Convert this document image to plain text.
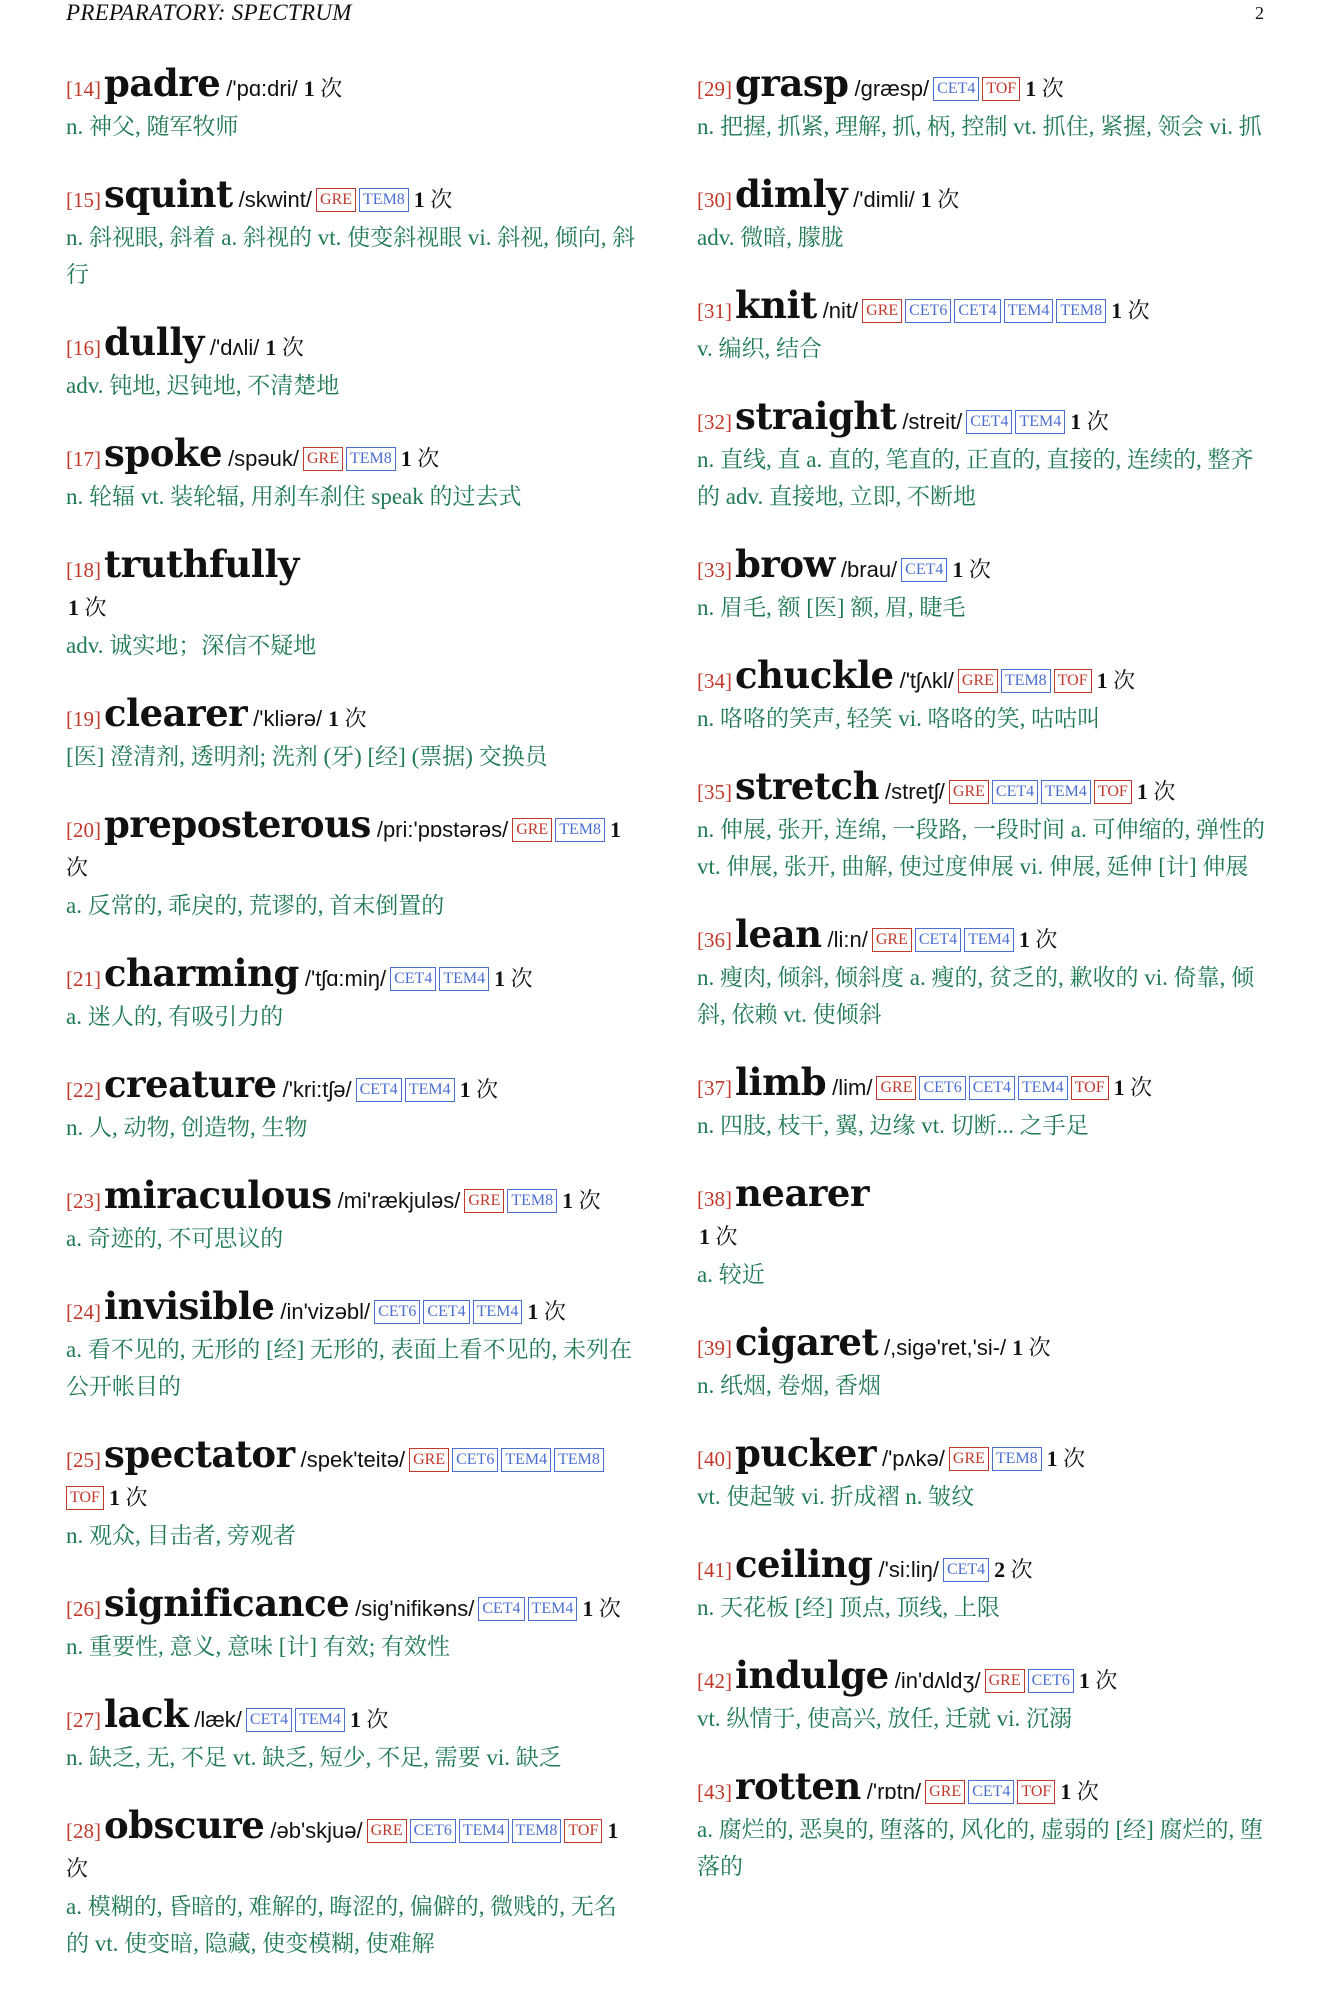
PREPARATORY: SPECTRUM	2
[14]padre /'pɑ:dri/ 1 次
n. 神父, 随军牧师
[15]squint /skwint/ GRE TEM8 1 次
n. 斜视眼, 斜着 a. 斜视的 vt. 使变斜视眼 vi. 斜视, 倾向, 斜行
[16]dully /'dʌli/ 1 次
adv. 钝地, 迟钝地, 不清楚地
[17]spoke /spəuk/ GRE TEM8 1 次
n. 轮辐 vt. 装轮辐, 用刹车刹住 speak 的过去式
[18]truthfully
1 次
adv. 诚实地；深信不疑地
[19]clearer /'kliərə/ 1 次
[医] 澄清剂, 透明剂; 洗剂 (牙) [经] (票据) 交换员
[20]preposterous /pri:'pɒstərəs/ GRE TEM8 1 次
a. 反常的, 乖戾的, 荒谬的, 首末倒置的
[21]charming /'tʃɑ:miŋ/ CET4 TEM4 1 次
a. 迷人的, 有吸引力的
[22]creature /'kri:tʃə/ CET4 TEM4 1 次
n. 人, 动物, 创造物, 生物
[23]miraculous /mi'rækjuləs/ GRE TEM8 1 次
a. 奇迹的, 不可思议的
[24]invisible /in'vizəbl/ CET6 CET4 TEM4 1 次
a. 看不见的, 无形的 [经] 无形的, 表面上看不见的, 未列在公开帐目的
[25]spectator /spek'teitə/ GRE CET6 TEM4 TEM8TOF 1 次
n. 观众, 目击者, 旁观者
[26]significance /sig'nifikəns/ CET4 TEM4 1 次
n. 重要性, 意义, 意味 [计] 有效; 有效性
[27]lack /læk/ CET4 TEM4 1 次
n. 缺乏, 无, 不足 vt. 缺乏, 短少, 不足, 需要 vi. 缺乏
[28]obscure /əb'skjuə/ GRE CET6 TEM4 TEM8 TOF 1 次
a. 模糊的, 昏暗的, 难解的, 晦涩的, 偏僻的, 微贱的, 无名的 vt. 使变暗, 隐藏, 使变模糊, 使难解
[29]grasp /græsp/ CET4 TOF 1 次
n. 把握, 抓紧, 理解, 抓, 柄, 控制 vt. 抓住, 紧握, 领会 vi. 抓
[30]dimly /'dimli/ 1 次
adv. 微暗, 朦胧
[31]knit /nit/ GRE CET6 CET4 TEM4 TEM8 1 次
v. 编织, 结合
[32]straight /streit/ CET4 TEM4 1 次
n. 直线, 直 a. 直的, 笔直的, 正直的, 直接的, 连续的, 整齐的 adv. 直接地, 立即, 不断地
[33]brow /brau/ CET4 1 次
n. 眉毛, 额 [医] 额, 眉, 睫毛
[34]chuckle /'tʃʌkl/ GRE TEM8 TOF 1 次
n. 咯咯的笑声, 轻笑 vi. 咯咯的笑, 咕咕叫
[35]stretch /stretʃ/ GRE CET4 TEM4 TOF 1 次
n. 伸展, 张开, 连绵, 一段路, 一段时间 a. 可伸缩的, 弹性的 vt. 伸展, 张开, 曲解, 使过度伸展 vi. 伸展, 延伸 [计] 伸展
[36]lean /li:n/ GRE CET4 TEM4 1 次
n. 瘦肉, 倾斜, 倾斜度 a. 瘦的, 贫乏的, 歉收的 vi. 倚靠, 倾斜, 依赖 vt. 使倾斜
[37]limb /lim/ GRE CET6 CET4 TEM4 TOF 1 次
n. 四肢, 枝干, 翼, 边缘 vt. 切断... 之手足
[38]nearer
1 次
a. 较近
[39]cigaret /,sigə'ret,'si-/ 1 次
n. 纸烟, 卷烟, 香烟
[40]pucker /'pʌkə/ GRE TEM8 1 次
vt. 使起皱 vi. 折成褶 n. 皱纹
[41]ceiling /'si:liŋ/ CET4 2 次
n. 天花板 [经] 顶点, 顶线, 上限
[42]indulge /in'dʌldʒ/ GRE CET6 1 次
vt. 纵情于, 使高兴, 放任, 迁就 vi. 沉溺
[43]rotten /'rɒtn/ GRE CET4 TOF 1 次
a. 腐烂的, 恶臭的, 堕落的, 风化的, 虚弱的 [经] 腐烂的, 堕落的
